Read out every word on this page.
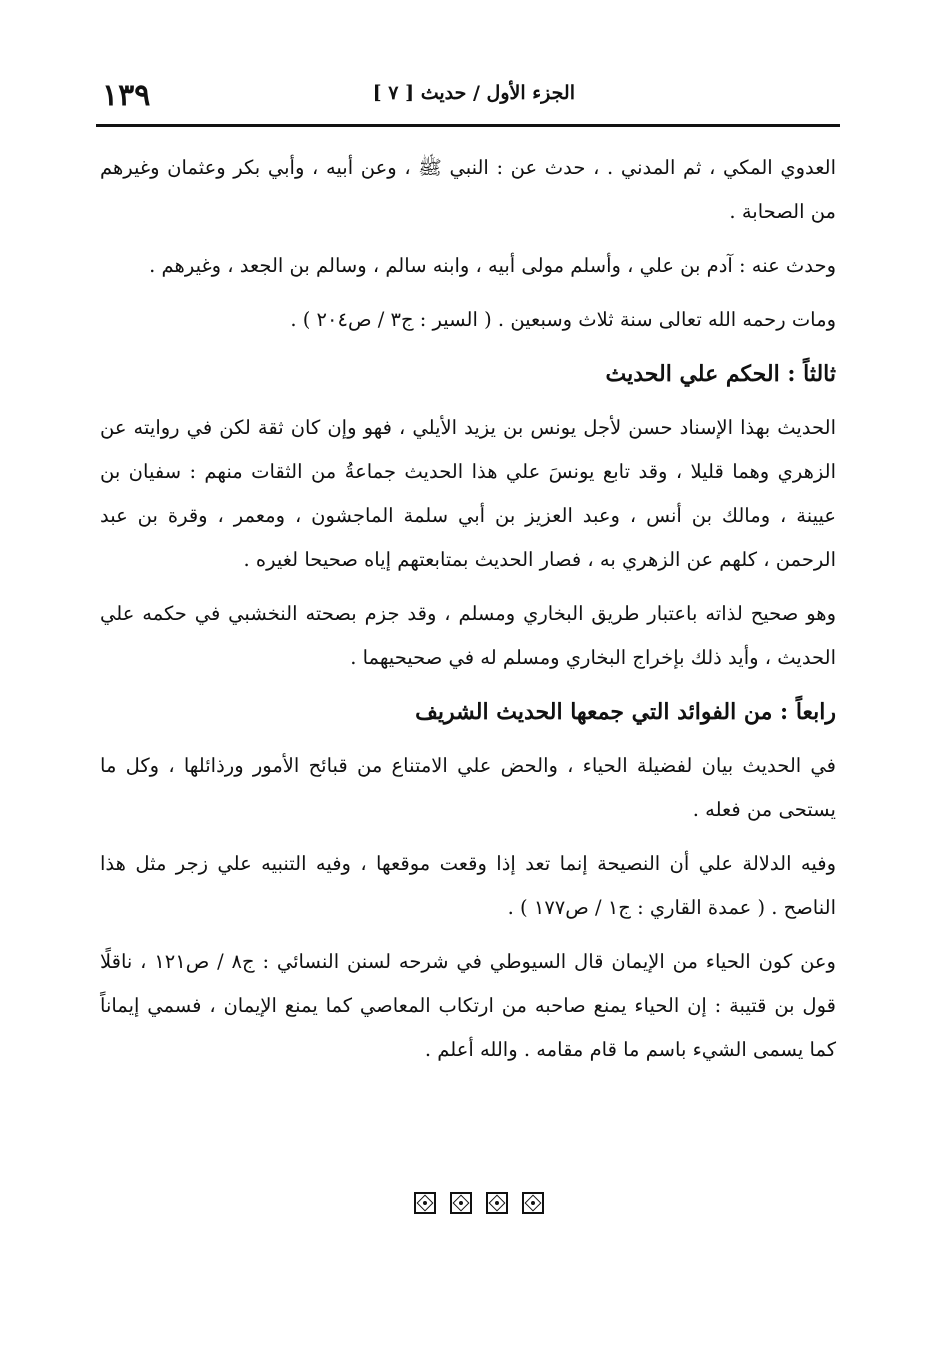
الجزء الأول / حديث [ ٧ ]
١٣٩

العدوي المكي ، ثم المدني . ، حدث عن : النبي ﷺ ، وعن أبيه ، وأبي بكر وعثمان وغيرهم من الصحابة .

وحدث عنه : آدم بن علي ، وأسلم مولى أبيه ، وابنه سالم ، وسالم بن الجعد ، وغيرهم .

ومات رحمه الله تعالى سنة ثلاث وسبعين . ( السير : ج٣ / ص٢٠٤ ) .

ثالثاً : الحكم علي الحديث

الحديث بهذا الإسناد حسن لأجل يونس بن يزيد الأيلي ، فهو وإن كان ثقة لكن في روايته عن الزهري وهما قليلا ، وقد تابع يونسَ علي هذا الحديث جماعةُ من الثقات منهم : سفيان بن عيينة ، ومالك بن أنس ، وعبد العزيز بن أبي سلمة الماجشون ، ومعمر ، وقرة بن عبد الرحمن ، كلهم عن الزهري به ، فصار الحديث بمتابعتهم إياه صحيحا لغيره .

وهو صحيح لذاته باعتبار طريق البخاري ومسلم ، وقد جزم بصحته النخشبي في حكمه علي الحديث ، وأيد ذلك بإخراج البخاري ومسلم له في صحيحيهما .

رابعاً : من الفوائد التي جمعها الحديث الشريف

في الحديث بيان لفضيلة الحياء ، والحض علي الامتناع من قبائح الأمور ورذائلها ، وكل ما يستحى من فعله .

وفيه الدلالة علي أن النصيحة إنما تعد إذا وقعت موقعها ، وفيه التنبيه علي زجر مثل هذا الناصح . ( عمدة القاري : ج١ / ص١٧٧ ) .

وعن كون الحياء من الإيمان قال السيوطي في شرحه لسنن النسائي : ج٨ / ص١٢١ ، ناقلًا قول بن قتيبة : إن الحياء يمنع صاحبه من ارتكاب المعاصي كما يمنع الإيمان ، فسمي إيماناً كما يسمى الشيء باسم ما قام مقامه . والله أعلم .
